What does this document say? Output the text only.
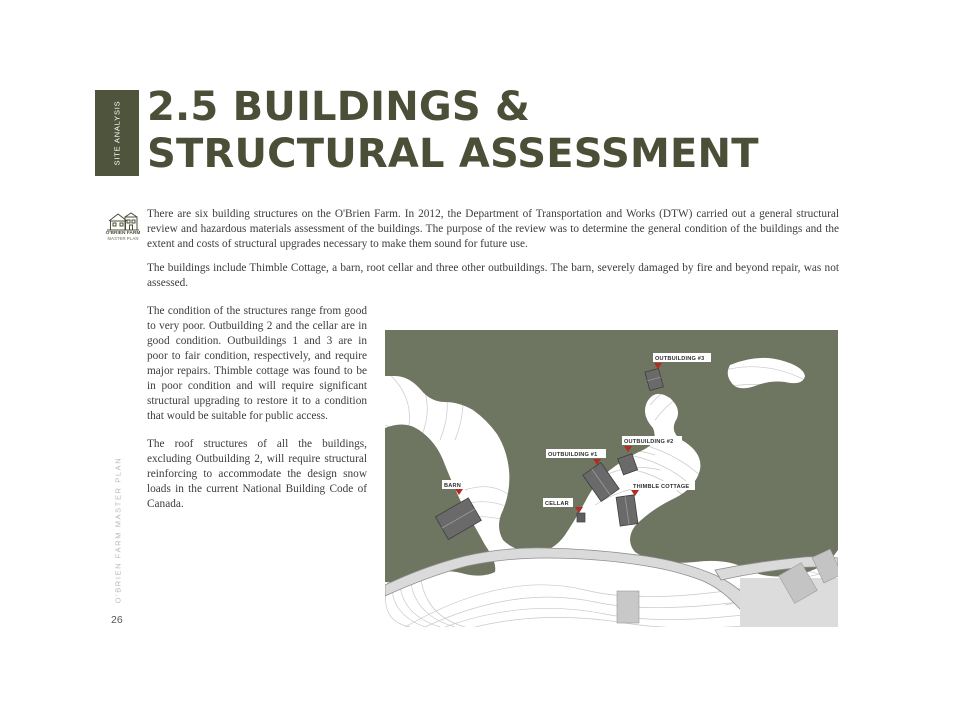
SITE ANALYSIS 2.5 BUILDINGS &
STRUCTURAL ASSESSMENT
O'BRIEN FARM
MASTER PLAN

There are six building structures on the O'Brien Farm. In 2012, the Department of Transportation and Works (DTW) carried out a general structural review and hazardous materials assessment of the buildings. The purpose of the review was to determine the general condition of the buildings and the extent and costs of structural upgrades necessary to make them sound for future use.

The buildings include Thimble Cottage, a barn, root cellar and three other outbuildings. The barn, severely damaged by fire and beyond repair, was not assessed.

The condition of the structures range from good to very poor. Outbuilding 2 and the cellar are in good condition. Outbuildings 1 and 3 are in poor to fair condition, respectively, and require major repairs. Thimble cottage was found to be in poor condition and will require significant structural upgrading to restore it to a condition that would be suitable for public access.

The roof structures of all the buildings, excluding Outbuilding 2, will require structural reinforcing to accommodate the design snow loads in the current National Building Code of Canada.

OUTBUILDING #3
OUTBUILDING #2
OUTBUILDING #1
BARN
CELLAR
THIMBLE COTTAGE
O'BRIEN FARM MASTER PLAN
26
